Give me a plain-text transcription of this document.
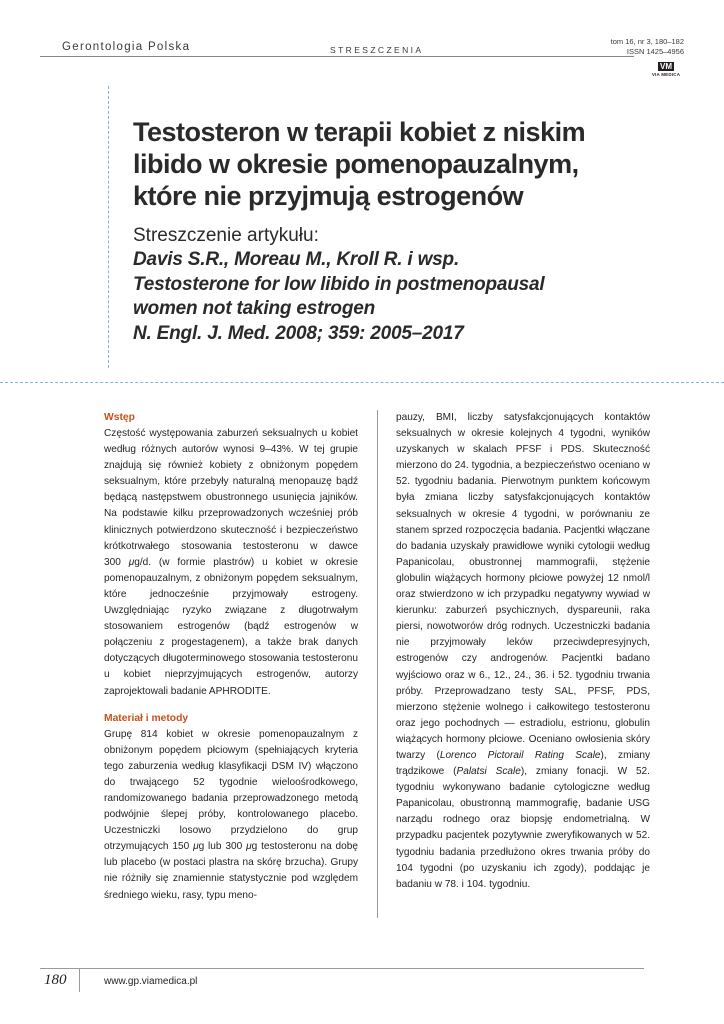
Gerontologia Polska	STRESZCZENIA
tom 16, nr 3, 180–182
ISSN 1425–4956
VM
VIA MEDICA
Testosteron w terapii kobiet z niskim
libido w okresie pomenopauzalnym,
które nie przyjmują estrogenów
Streszczenie artykułu:
Davis S.R., Moreau M., Kroll R. i wsp.
Testosterone for low libido in postmenopausal
women not taking estrogen
N. Engl. J. Med. 2008; 359: 2005–2017
Wstęp

Częstość występowania zaburzeń seksualnych u kobiet według różnych autorów wynosi 9–43%. W tej grupie znajdują się również kobiety z obniżonym popędem seksualnym, które przebyły naturalną menopauzę bądź będącą następstwem obustronnego usunięcia jajników. Na podstawie kilku przeprowadzonych wcześniej prób klinicznych potwierdzono skuteczność i bezpieczeństwo krótkotrwałego stosowania testosteronu w dawce 300 μg/d. (w formie plastrów) u kobiet w okresie pomenopauzalnym, z obniżonym popędem seksualnym, które jednocześnie przyjmowały estrogeny. Uwzględniając ryzyko związane z długotrwałym stosowaniem estrogenów (bądź estrogenów w połączeniu z progestagenem), a także brak danych dotyczących długoterminowego stosowania testosteronu u kobiet nieprzyjmujących estrogenów, autorzy zaprojektowali badanie APHRODITE.

Materiał i metody

Grupę 814 kobiet w okresie pomenopauzalnym z obniżonym popędem płciowym (spełniających kryteria tego zaburzenia według klasyfikacji DSM IV) włączono do trwającego 52 tygodnie wieloośrodkowego, randomizowanego badania przeprowadzonego metodą podwójnie ślepej próby, kontrolowanego placebo. Uczestniczki losowo przydzielono do grup otrzymujących 150 μg lub 300 μg testosteronu na dobę lub placebo (w postaci plastra na skórę brzucha). Grupy nie różniły się znamiennie statystycznie pod względem średniego wieku, rasy, typu meno-

pauzy, BMI, liczby satysfakcjonujących kontaktów seksualnych w okresie kolejnych 4 tygodni, wyników uzyskanych w skalach PFSF i PDS. Skuteczność mierzono do 24. tygodnia, a bezpieczeństwo oceniano w 52. tygodniu badania. Pierwotnym punktem końcowym była zmiana liczby satysfakcjonujących kontaktów seksualnych w okresie 4 tygodni, w porównaniu ze stanem sprzed rozpoczęcia badania. Pacjentki włączane do badania uzyskały prawidłowe wyniki cytologii według Papanicolau, obustronnej mammografii, stężenie globulin wiążących hormony płciowe powyżej 12 nmol/l oraz stwierdzono w ich przypadku negatywny wywiad w kierunku: zaburzeń psychicznych, dyspareunii, raka piersi, nowotworów dróg rodnych. Uczestniczki badania nie przyjmowały leków przeciwdepresyjnych, estrogenów czy androgenów. Pacjentki badano wyjściowo oraz w 6., 12., 24., 36. i 52. tygodniu trwania próby. Przeprowadzano testy SAL, PFSF, PDS, mierzono stężenie wolnego i całkowitego testosteronu oraz jego pochodnych — estradiolu, estrionu, globulin wiążących hormony płciowe. Oceniano owłosienia skóry twarzy (Lorenco Pictorail Rating Scale), zmiany trądzikowe (Palatsi Scale), zmiany fonacji. W 52. tygodniu wykonywano badanie cytologiczne według Papanicolau, obustronną mammografię, badanie USG narządu rodnego oraz biopsję endometrialną. W przypadku pacjentek pozytywnie zweryfikowanych w 52. tygodniu badania przedłużono okres trwania próby do 104 tygodni (po uzyskaniu ich zgody), poddając je badaniu w 78. i 104. tygodniu.

180	www.gp.viamedica.pl
